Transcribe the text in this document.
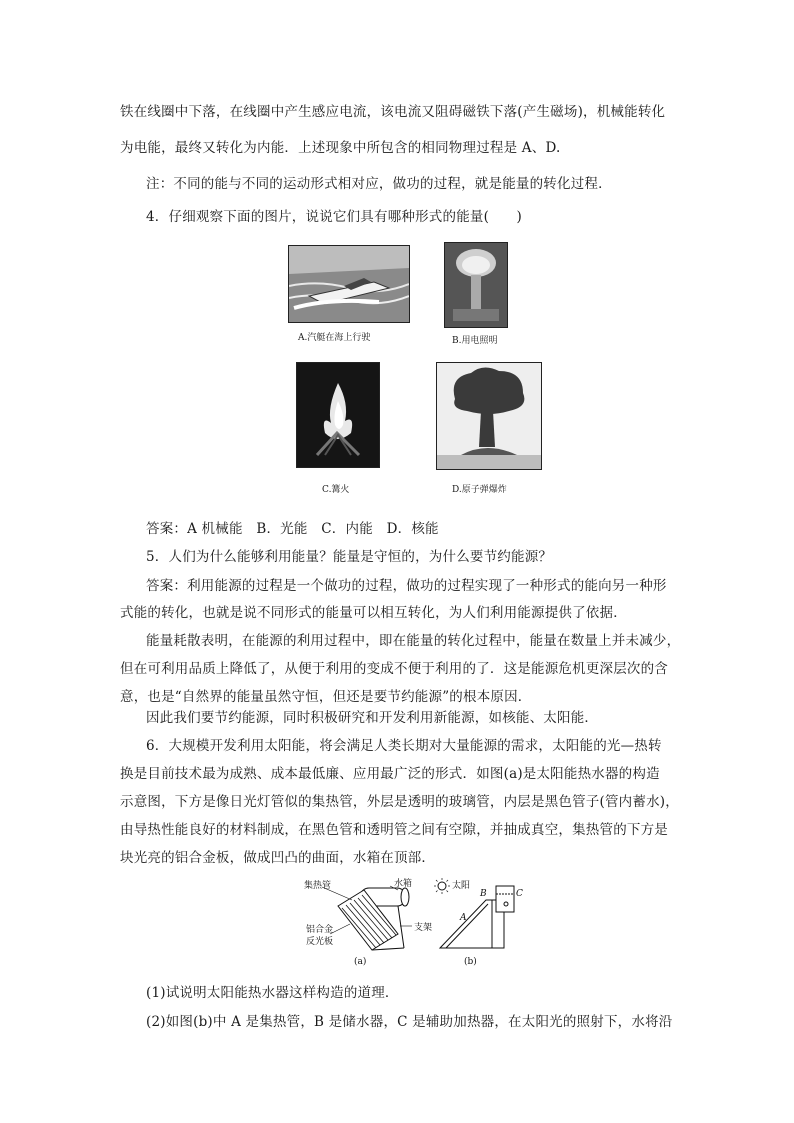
铁在线圈中下落，在线圈中产生感应电流，该电流又阻碍磁铁下落(产生磁场)，机械能转化
为电能，最终又转化为内能．上述现象中所包含的相同物理过程是 A、D.
注：不同的能与不同的运动形式相对应，做功的过程，就是能量的转化过程．
4．仔细观察下面的图片，说说它们具有哪种形式的能量(　　)
A.汽艇在海上行驶	B.用电照明
C.篝火	D.原子弹爆炸
答案：A 机械能　B．光能　C．内能　D．核能
5．人们为什么能够利用能量？能量是守恒的，为什么要节约能源？
答案：利用能源的过程是一个做功的过程，做功的过程实现了一种形式的能向另一种形
式能的转化，也就是说不同形式的能量可以相互转化，为人们利用能源提供了依据．
能量耗散表明，在能源的利用过程中，即在能量的转化过程中，能量在数量上并未减少，
但在可利用品质上降低了，从便于利用的变成不便于利用的了．这是能源危机更深层次的含
意，也是“自然界的能量虽然守恒，但还是要节约能源”的根本原因．
因此我们要节约能源，同时积极研究和开发利用新能源，如核能、太阳能．
6．大规模开发利用太阳能，将会满足人类长期对大量能源的需求，太阳能的光—热转
换是目前技术最为成熟、成本最低廉、应用最广泛的形式．如图(a)是太阳能热水器的构造
示意图，下方是像日光灯管似的集热管，外层是透明的玻璃管，内层是黑色管子(管内蓄水)，
由导热性能良好的材料制成，在黑色管和透明管之间有空隙，并抽成真空，集热管的下方是
块光亮的铝合金板，做成凹凸的曲面，水箱在顶部．
集热管	水箱
铝合金
反光板
支架
(a)
太阳
B	C
A
(b)
(1)试说明太阳能热水器这样构造的道理．
(2)如图(b)中 A 是集热管，B 是储水器，C 是辅助加热器，在太阳光的照射下，水将沿
